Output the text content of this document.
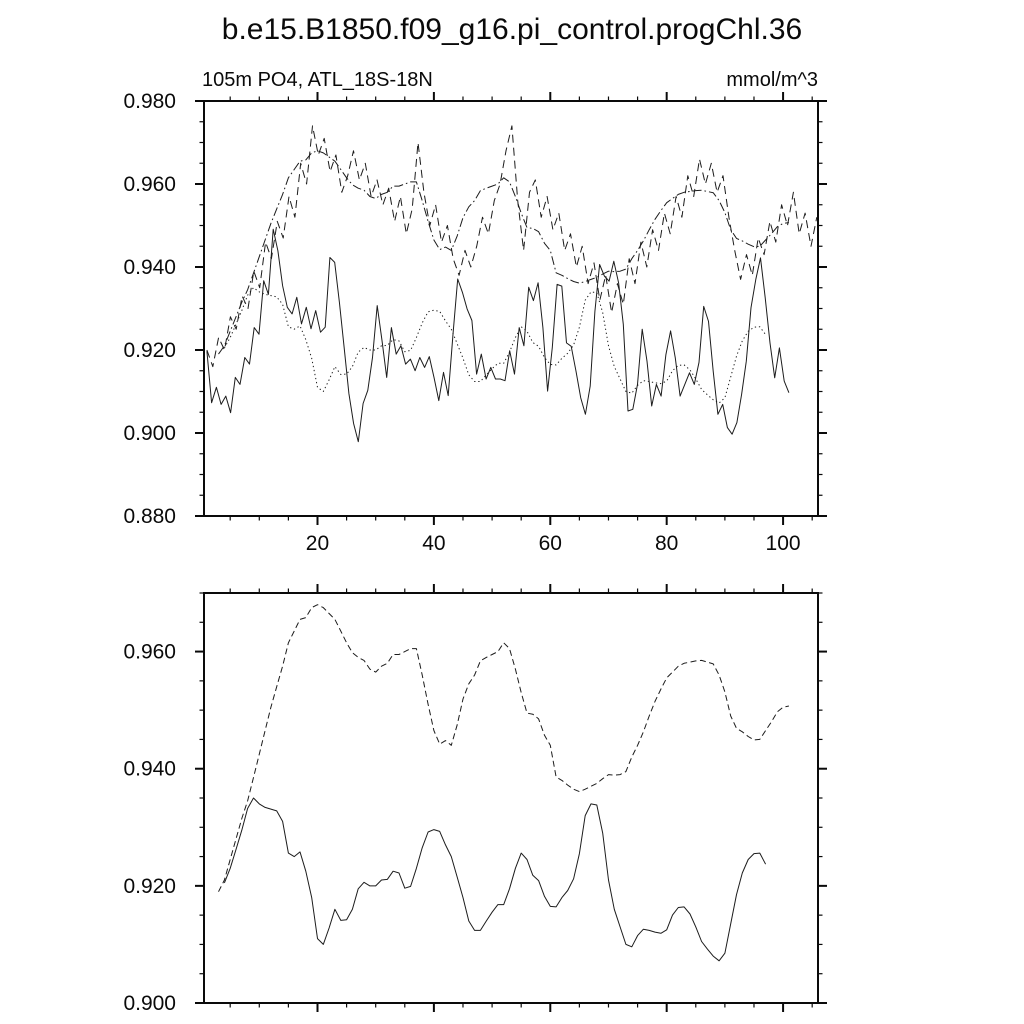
b.e15.B1850.f09_g16.pi_control.progChl.36
105m PO4, ATL_18S-18N	mmol/m^3
20	40	60	80	100
0.880
0.900
0.920
0.940
0.960
0.980
0.900
0.920
0.940
0.960
